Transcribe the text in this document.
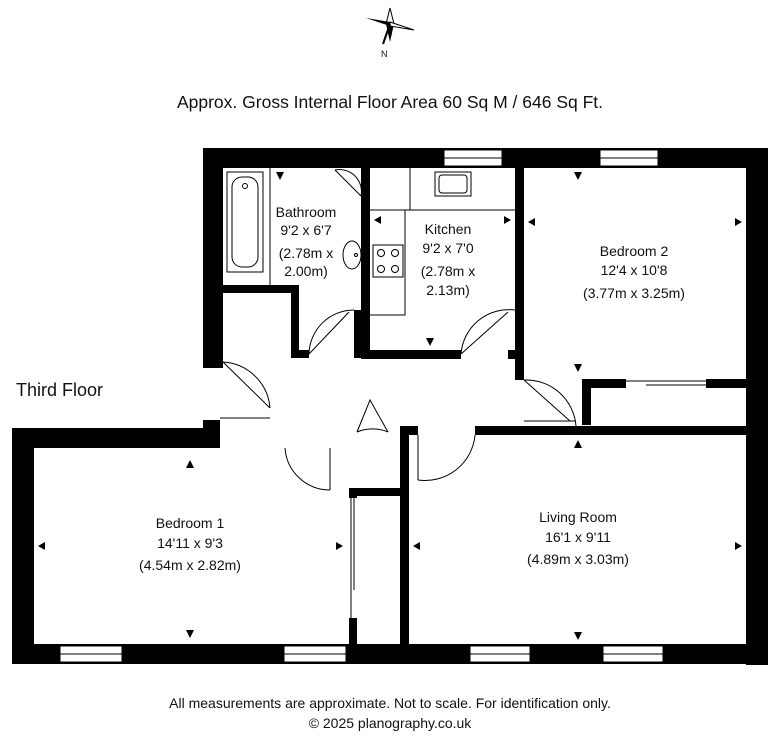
N
Approx. Gross Internal Floor Area 60 Sq M / 646 Sq Ft.
Bathroom
9'2 x 6'7
(2.78m x
2.00m)
Kitchen
9'2 x 7'0
(2.78m x
2.13m)
Bedroom 2
12'4 x 10'8
(3.77m x 3.25m)
Bedroom 1
14'11 x 9'3
(4.54m x 2.82m)
Living Room
16'1 x 9'11
(4.89m x 3.03m)
Third Floor
All measurements are approximate. Not to scale. For identification only.
© 2025 planography.co.uk
